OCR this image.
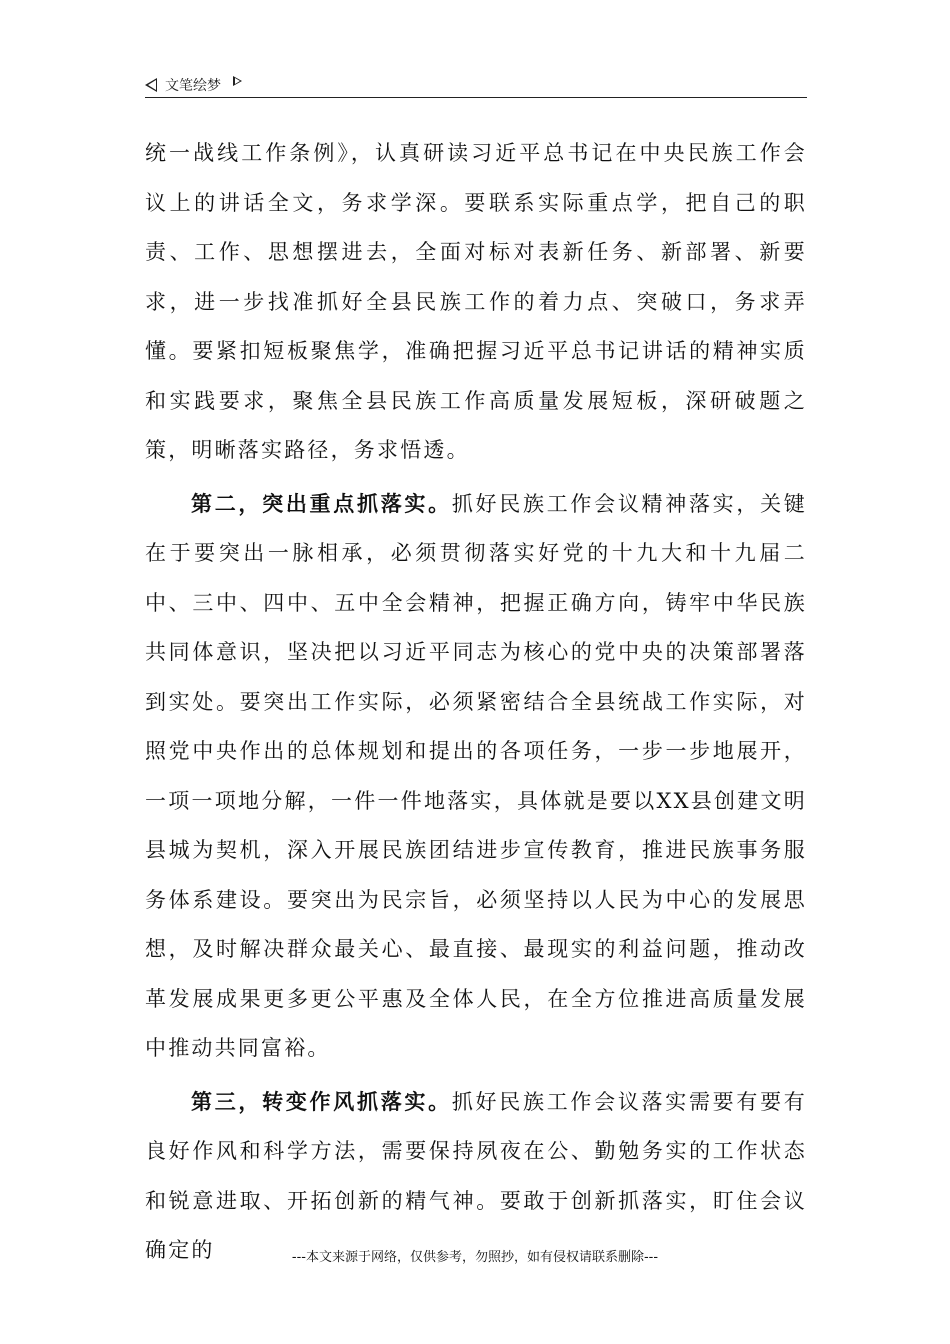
文笔绘梦

统一战线工作条例》，认真研读习近平总书记在中央民族工作会议上的讲话全文，务求学深。要联系实际重点学，把自己的职责、工作、思想摆进去，全面对标对表新任务、新部署、新要求，进一步找准抓好全县民族工作的着力点、突破口，务求弄懂。要紧扣短板聚焦学，准确把握习近平总书记讲话的精神实质和实践要求，聚焦全县民族工作高质量发展短板，深研破题之策，明晰落实路径，务求悟透。

第二，突出重点抓落实。抓好民族工作会议精神落实，关键在于要突出一脉相承，必须贯彻落实好党的十九大和十九届二中、三中、四中、五中全会精神，把握正确方向，铸牢中华民族共同体意识，坚决把以习近平同志为核心的党中央的决策部署落到实处。要突出工作实际，必须紧密结合全县统战工作实际，对照党中央作出的总体规划和提出的各项任务，一步一步地展开，一项一项地分解，一件一件地落实，具体就是要以XX县创建文明县城为契机，深入开展民族团结进步宣传教育，推进民族事务服务体系建设。要突出为民宗旨，必须坚持以人民为中心的发展思想，及时解决群众最关心、最直接、最现实的利益问题，推动改革发展成果更多更公平惠及全体人民，在全方位推进高质量发展中推动共同富裕。

第三，转变作风抓落实。抓好民族工作会议落实需要有要有良好作风和科学方法，需要保持夙夜在公、勤勉务实的工作状态和锐意进取、开拓创新的精气神。要敢于创新抓落实，盯住会议确定的	---本文来源于网络，仅供参考，勿照抄，如有侵权请联系删除---
